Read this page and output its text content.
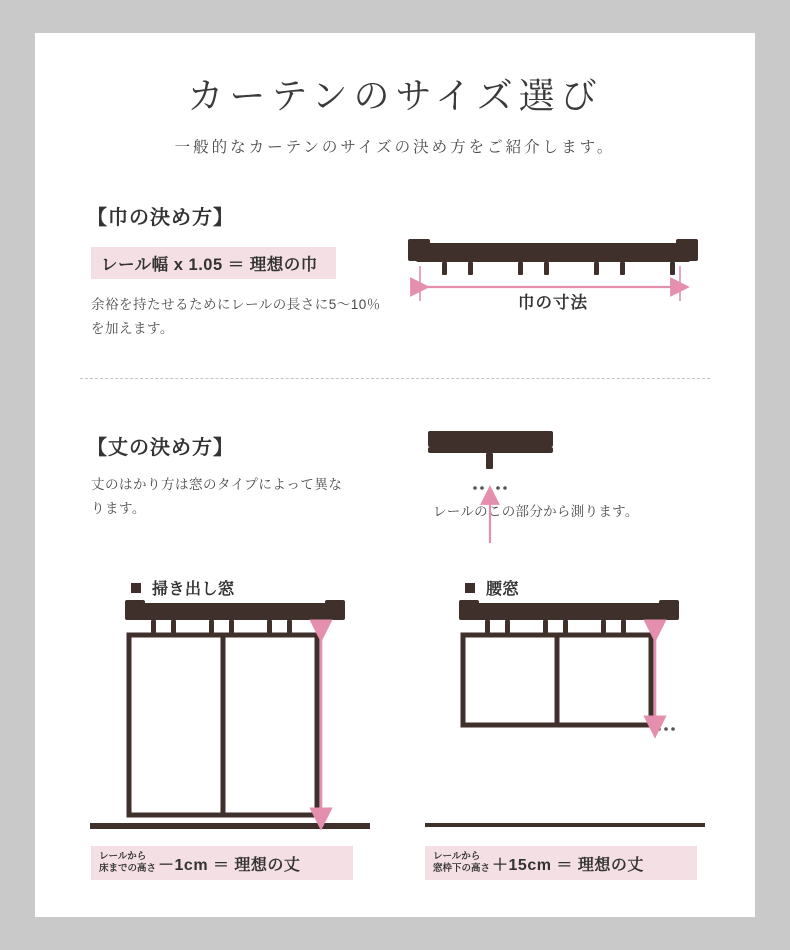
カーテンのサイズ選び
一般的なカーテンのサイズの決め方をご紹介します。
【巾の決め方】
レール幅 x 1.05 ＝ 理想の巾
余裕を持たせるためにレールの長さに5〜10％を加えます。
巾の寸法
【丈の決め方】
丈のはかり方は窓のタイプによって異なります。	レールのこの部分から測ります。
掃き出し窓	腰窓
レールから
床までの高さ －1cm ＝ 理想の丈	レールから
窓枠下の高さ ＋15cm ＝ 理想の丈
